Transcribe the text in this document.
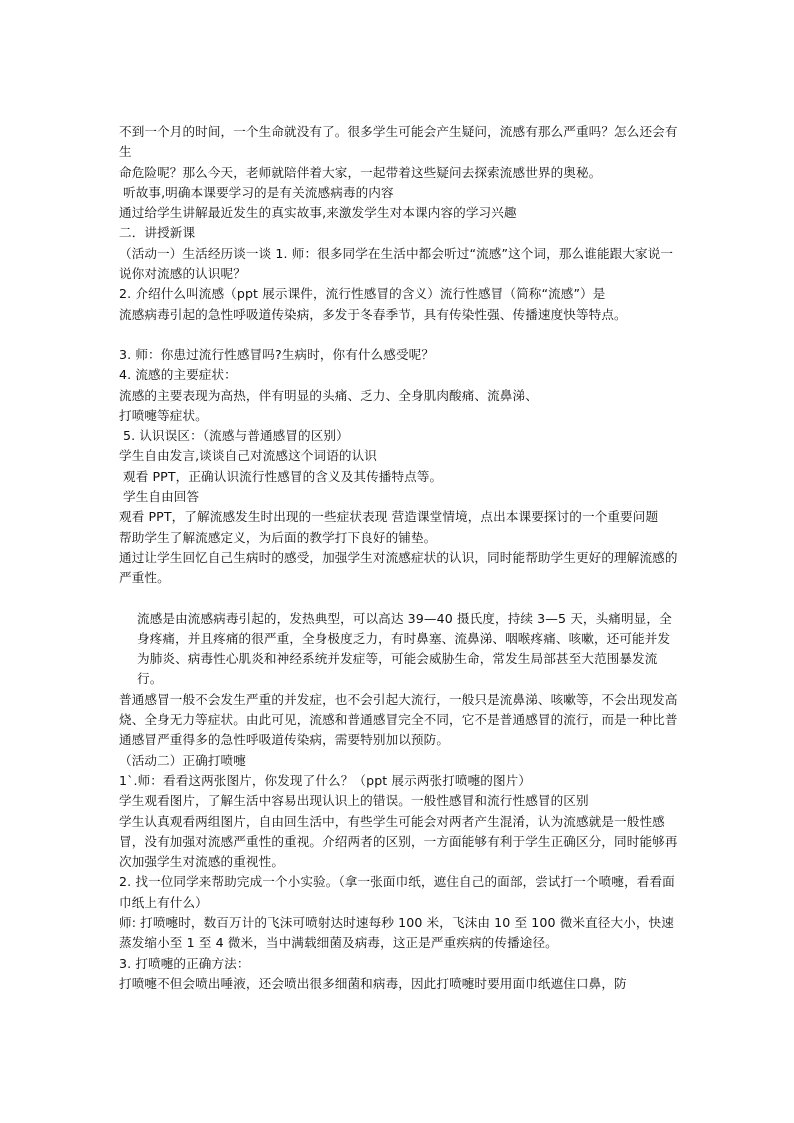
不到一个月的时间，一个生命就没有了。很多学生可能会产生疑问，流感有那么严重吗？怎么还会有生

命危险呢？那么今天，老师就陪伴着大家，一起带着这些疑问去探索流感世界的奥秘。

听故事,明确本课要学习的是有关流感病毒的内容

通过给学生讲解最近发生的真实故事,来激发学生对本课内容的学习兴趣

二．讲授新课

（活动一）生活经历谈一谈 1. 师：很多同学在生活中都会听过“流感”这个词，那么谁能跟大家说一说你对流感的认识呢？

2. 介绍什么叫流感（ppt 展示课件，流行性感冒的含义）流行性感冒（简称“流感”）是

流感病毒引起的急性呼吸道传染病，多发于冬春季节，具有传染性强、传播速度快等特点。

3. 师：你患过流行性感冒吗?生病时，你有什么感受呢？

4. 流感的主要症状：

流感的主要表现为高热，伴有明显的头痛、乏力、全身肌肉酸痛、流鼻涕、

打喷嚏等症状。

5. 认识误区：（流感与普通感冒的区别）

学生自由发言,谈谈自己对流感这个词语的认识

观看 PPT，正确认识流行性感冒的含义及其传播特点等。

学生自由回答

观看 PPT，了解流感发生时出现的一些症状表现 营造课堂情境，点出本课要探讨的一个重要问题

帮助学生了解流感定义，为后面的教学打下良好的铺垫。

通过让学生回忆自己生病时的感受，加强学生对流感症状的认识，同时能帮助学生更好的理解流感的严重性。

流感是由流感病毒引起的，发热典型，可以高达 39—40 摄氏度，持续 3—5 天，头痛明显，全身疼痛，并且疼痛的很严重，全身极度乏力，有时鼻塞、流鼻涕、咽喉疼痛、咳嗽，还可能并发为肺炎、病毒性心肌炎和神经系统并发症等，可能会威胁生命，常发生局部甚至大范围暴发流行。

普通感冒一般不会发生严重的并发症，也不会引起大流行，一般只是流鼻涕、咳嗽等，不会出现发高烧、全身无力等症状。由此可见，流感和普通感冒完全不同，它不是普通感冒的流行，而是一种比普通感冒严重得多的急性呼吸道传染病，需要特别加以预防。

（活动二）正确打喷嚏

1`.师：看看这两张图片，你发现了什么？（ppt 展示两张打喷嚏的图片）

学生观看图片，了解生活中容易出现认识上的错误。一般性感冒和流行性感冒的区别

学生认真观看两组图片，自由回生活中，有些学生可能会对两者产生混淆，认为流感就是一般性感冒，没有加强对流感严重性的重视。介绍两者的区别，一方面能够有利于学生正确区分，同时能够再次加强学生对流感的重视性。

2. 找一位同学来帮助完成一个小实验。（拿一张面巾纸，遮住自己的面部，尝试打一个喷嚏，看看面巾纸上有什么）

师: 打喷嚏时，数百万计的飞沫可喷射达时速每秒 100 米，飞沫由 10 至 100 微米直径大小，快速蒸发缩小至 1 至 4 微米，当中满载细菌及病毒，这正是严重疾病的传播途径。

3. 打喷嚏的正确方法：

打喷嚏不但会喷出唾液，还会喷出很多细菌和病毒，因此打喷嚏时要用面巾纸遮住口鼻，防
